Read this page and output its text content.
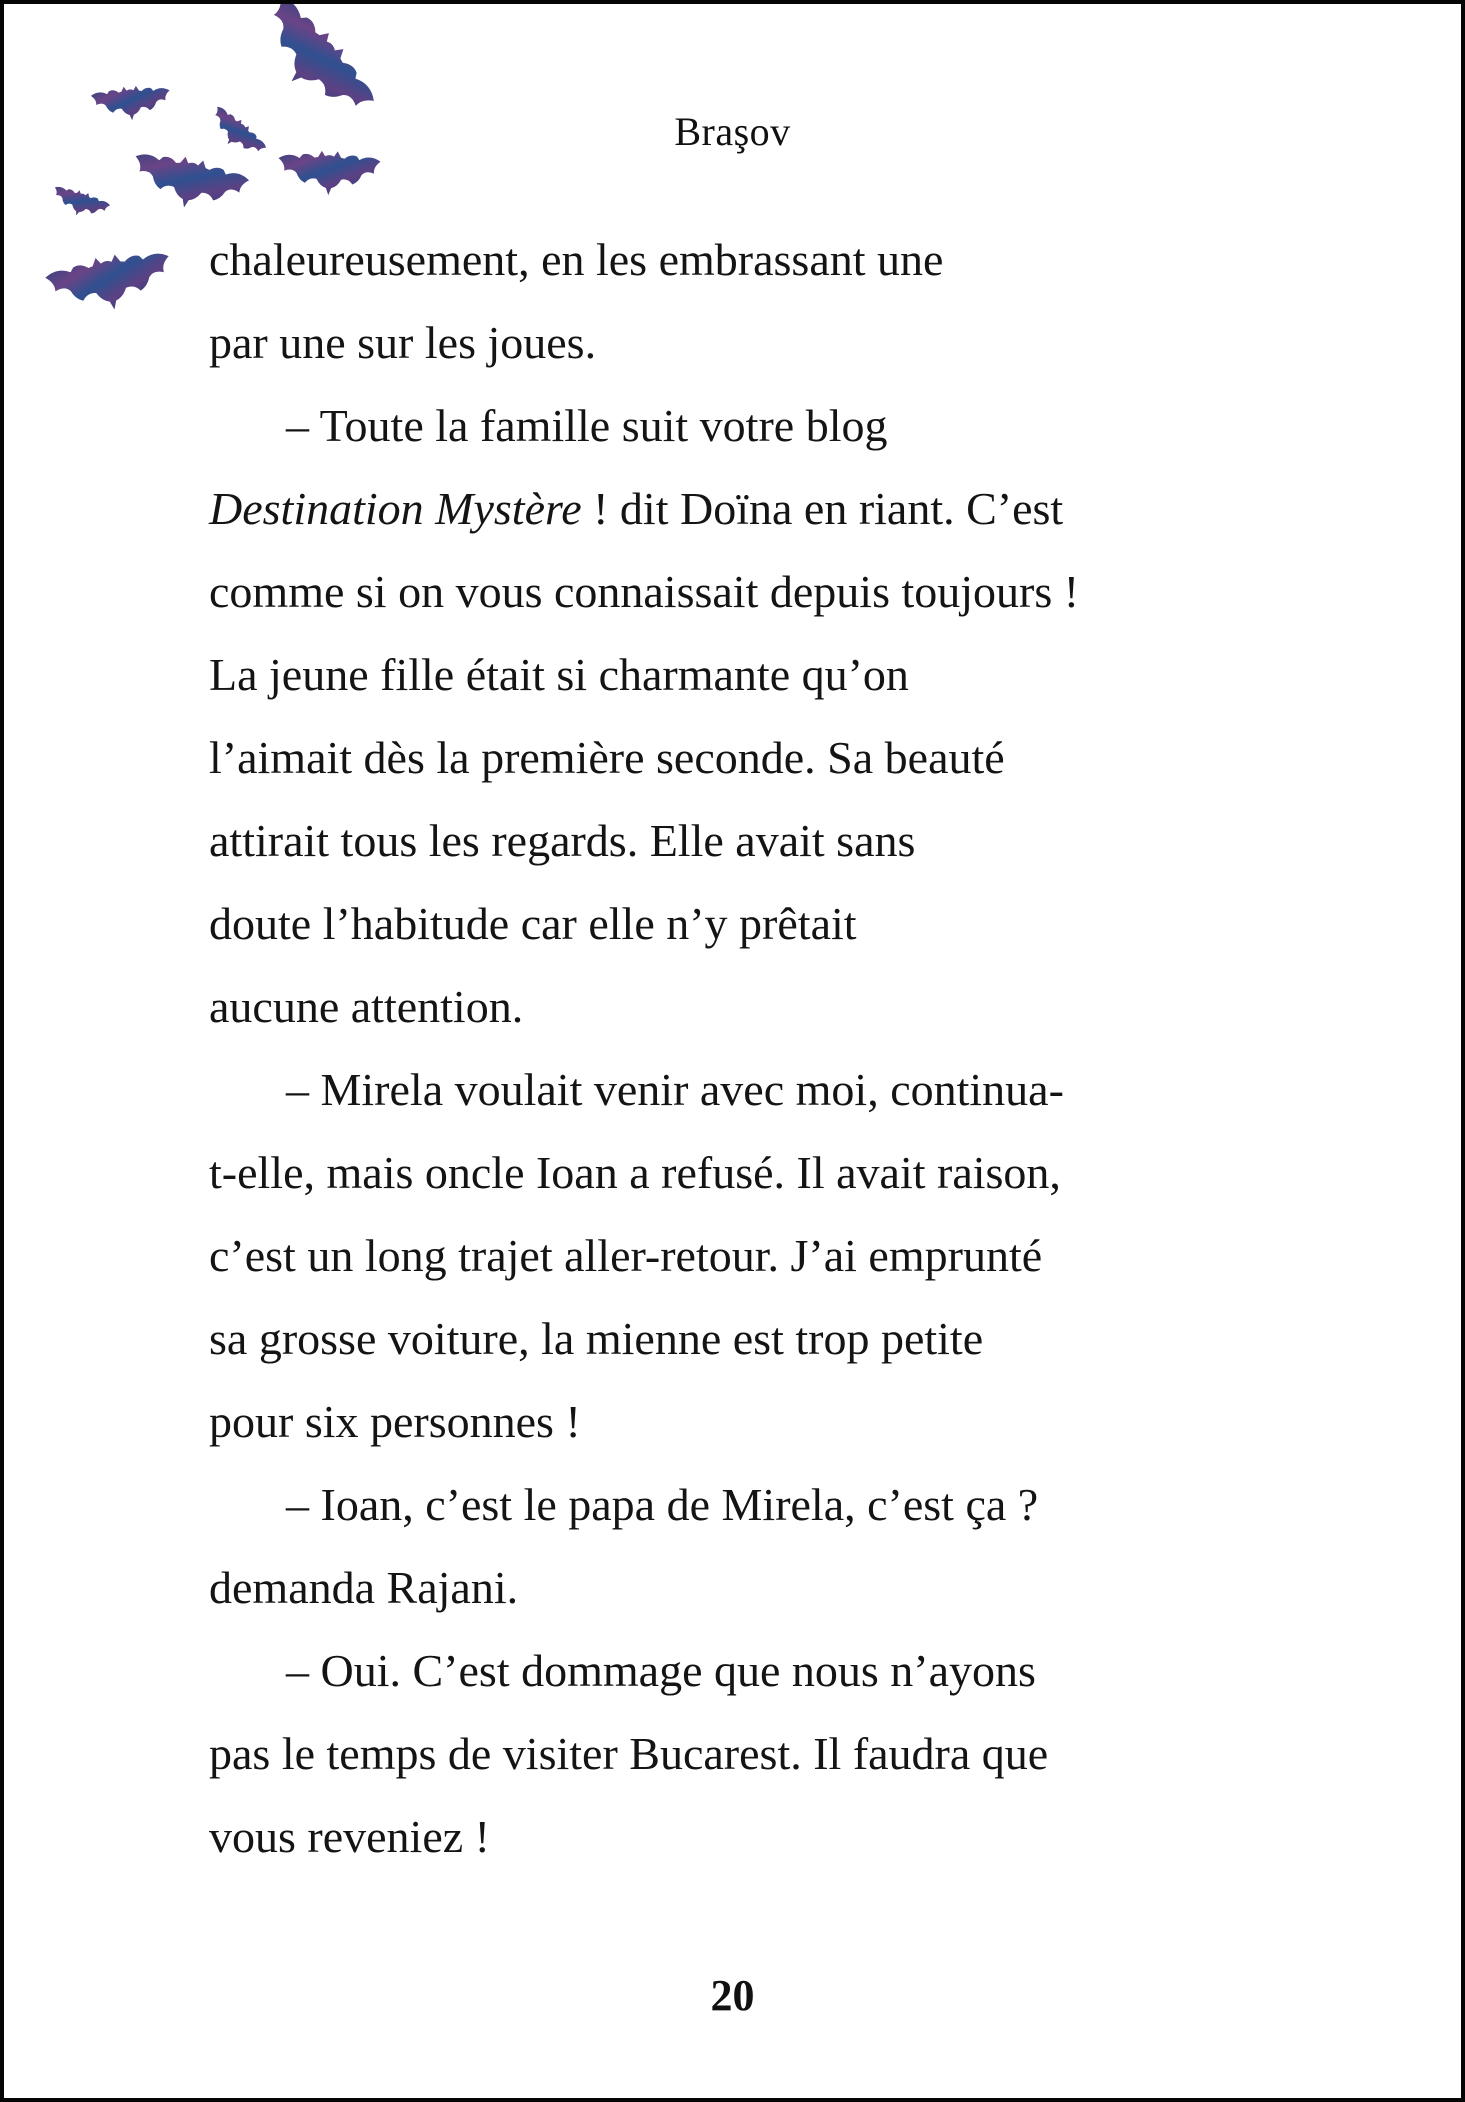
Braşov
chaleureusement, en les embrassant une
par une sur les joues.
– Toute la famille suit votre blog
Destination Mystère ! dit Doïna en riant. C’est
comme si on vous connaissait depuis toujours !
La jeune fille était si charmante qu’on
l’aimait dès la première seconde. Sa beauté
attirait tous les regards. Elle avait sans
doute l’habitude car elle n’y prêtait
aucune attention.
– Mirela voulait venir avec moi, continua-
t-elle, mais oncle Ioan a refusé. Il avait raison,
c’est un long trajet aller-retour. J’ai emprunté
sa grosse voiture, la mienne est trop petite
pour six personnes !
– Ioan, c’est le papa de Mirela, c’est ça ?
demanda Rajani.
– Oui. C’est dommage que nous n’ayons
pas le temps de visiter Bucarest. Il faudra que
vous reveniez !
20
